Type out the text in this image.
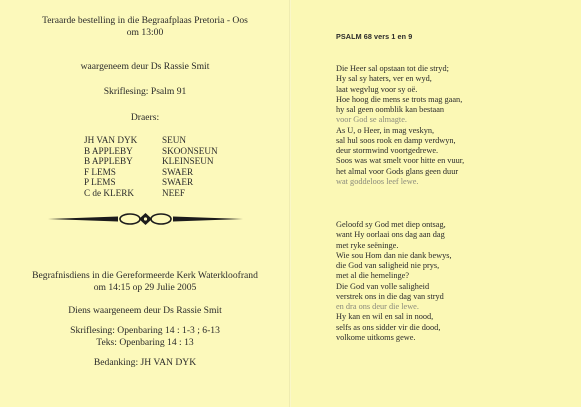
Teraarde bestelling in die Begraafplaas Pretoria - Oos
om 13:00
waargeneem deur Ds Rassie Smit
Skriflesing: Psalm 91
Draers:
JH VAN DYK	SEUN
B APPLEBY	SKOONSEUN
B APPLEBY	KLEINSEUN
F LEMS	SWAER
P LEMS	SWAER
C de KLERK	NEEF
Begrafnisdiens in die Gereformeerde Kerk Waterkloofrand
om 14:15 op 29 Julie 2005
Diens waargeneem deur Ds Rassie Smit
Skriflesing: Openbaring 14 : 1-3 ; 6-13
Teks: Openbaring 14 : 13
Bedanking: JH VAN DYK
PSALM 68 vers 1 en 9
Die Heer sal opstaan tot die stryd;
Hy sal sy haters, ver en wyd,
laat wegvlug voor sy oë.
Hoe hoog die mens se trots mag gaan,
hy sal geen oomblik kan bestaan
voor God se almagte.
As U, o Heer, in mag veskyn,
sal hul soos rook en damp verdwyn,
deur stormwind voortgedrewe.
Soos was wat smelt voor hitte en vuur,
het almal voor Gods glans geen duur
wat goddeloos leef lewe.
Geloofd sy God met diep ontsag,
want Hy oorlaai ons dag aan dag
met ryke seëninge.
Wie sou Hom dan nie dank bewys,
die God van saligheid nie prys,
met al die hemelinge?
Die God van volle saligheid
verstrek ons in die dag van stryd
en dra ons deur die lewe.
Hy kan en wil en sal in nood,
selfs as ons sidder vir die dood,
volkome uitkoms gewe.
